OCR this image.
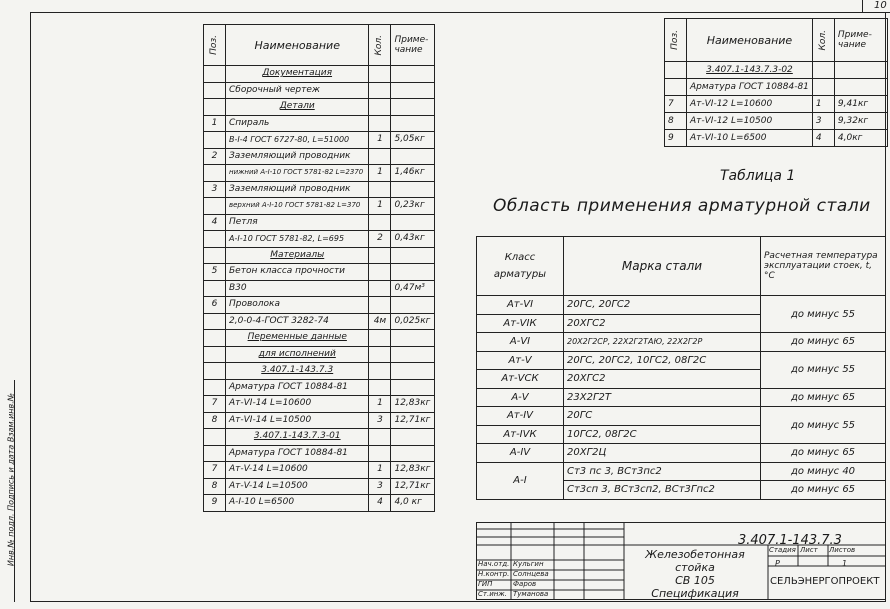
Инв.№ подл. Подпись и дата Взам.инв.№
10
Поз.	Наименование	Кол.	Приме- чание
	Документация		
	Сборочный чертеж		
	Детали		
1	Спираль		
	В-I-4 ГОСТ 6727-80, L=51000	1	5,05кг
2	Заземляющий проводник		
	нижний А-I-10 ГОСТ 5781-82 L=2370	1	1,46кг
3	Заземляющий проводник		
	верхний А-I-10 ГОСТ 5781-82 L=370	1	0,23кг
4	Петля		
	А-I-10 ГОСТ 5781-82, L=695	2	0,43кг
	Материалы		
5	Бетон класса прочности		
	В30		0,47м³
6	Проволока		
	2,0-0-4-ГОСТ 3282-74	4м	0,025кг
	Переменные данные		
	для исполнений		
	3.407.1-143.7.3		
	Арматура ГОСТ 10884-81		
7	Ат-VI-14 L=10600	1	12,83кг
8	Ат-VI-14 L=10500	3	12,71кг
	3.407.1-143.7.3-01		
	Арматура ГОСТ 10884-81		
7	Ат-V-14 L=10600	1	12,83кг
8	Ат-V-14 L=10500	3	12,71кг
9	А-I-10 L=6500	4	4,0 кг
Поз.	Наименование	Кол.	Приме- чание
	3.407.1-143.7.3-02		
	Арматура ГОСТ 10884-81		
7	Ат-VI-12 L=10600	1	9,41кг
8	Ат-VI-12 L=10500	3	9,32кг
9	Ат-VI-10 L=6500	4	4,0кг
Таблица 1
Область применения арматурной стали
Класс арматуры	Марка стали	Расчетная температура эксплуатации стоек, t, °C
Ат-VI	20ГС, 20ГС2	до минус 55
Ат-VIК	20ХГС2	
А-VI	20Х2Г2СР, 22Х2Г2ТАЮ, 22Х2Г2Р	до минус 65
Ат-V	20ГС, 20ГС2, 10ГС2, 08Г2С	до минус 55
Ат-VСК	20ХГС2	
А-V	23Х2Г2Т	до минус 65
Ат-IV	20ГС	до минус 55
Ат-IVК	10ГС2, 08Г2С	
А-IV	20ХГ2Ц	до минус 65
А-I	Ст3 пс 3, ВСт3пс2	до минус 40
	Ст3сп 3, ВСт3сп2, ВСт3Гпс2	до минус 65
3.407.1-143.7.3
Железобетонная стойка
СВ 105
Спецификация
Стадия Лист Листов
Р	1
СЕЛЬЭНЕРГОПРОЕКТ
Нач.отд. Кульгин
Н.контр. Солнцева
ГИП	Фаров
Ст.инж. Туманова
